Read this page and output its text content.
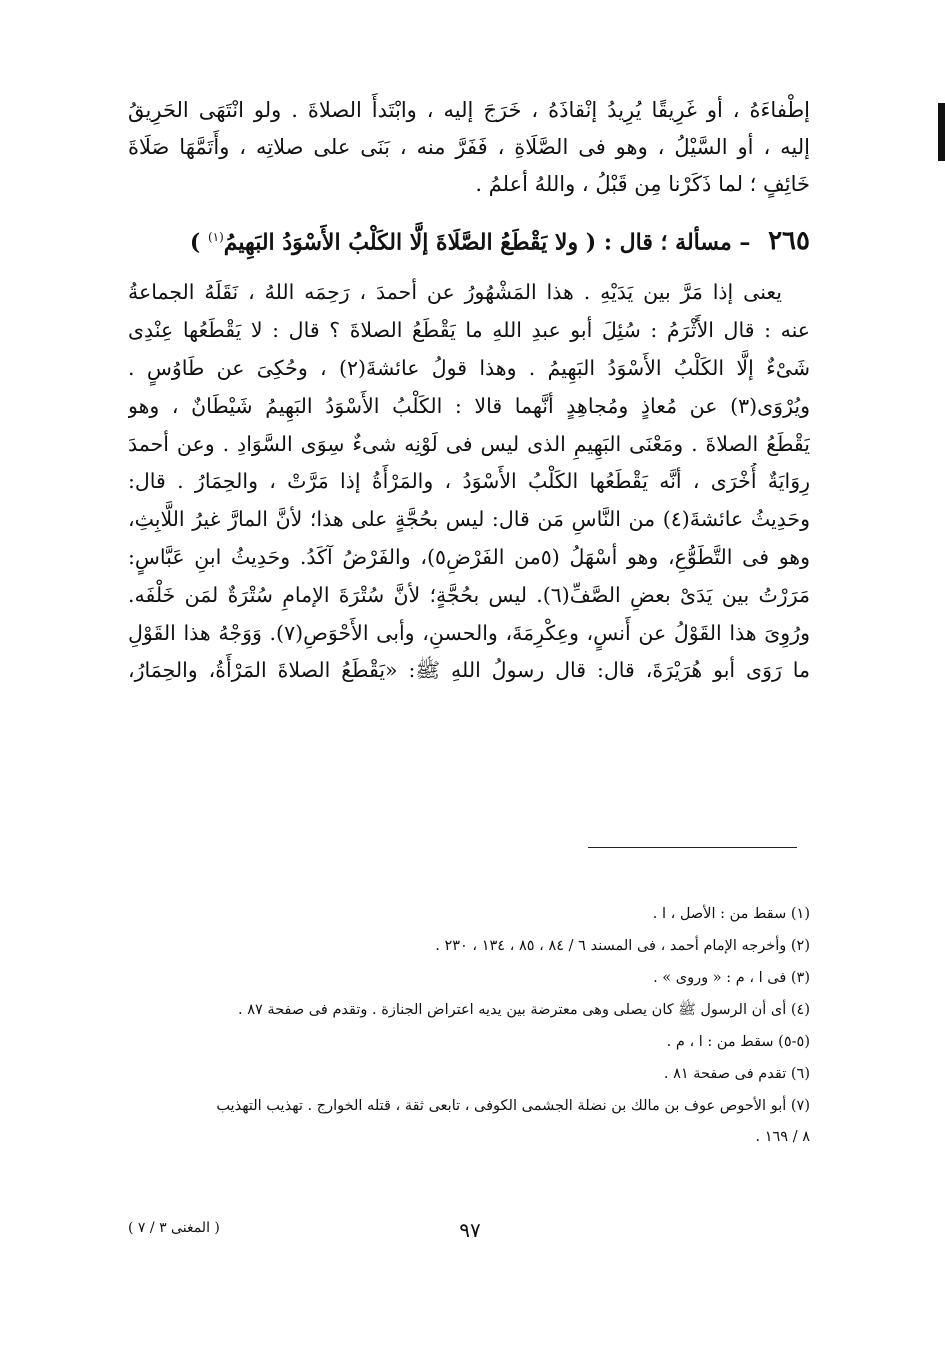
إطْفاءَهُ ، أو غَرِيقًا يُرِيدُ إنْقاذَهُ ، خَرَجَ إليه ، وابْتَدأَ الصلاةَ . ولو انْتَهَى الحَرِيقُ
إليه ، أو السَّيْلُ ، وهو فى الصَّلَاةِ ، فَفَرَّ منه ، بَنَى على صلاتِه ، وأَتَمَّهَا صَلَاةَ
خَائِفٍ ؛ لما ذَكَرْنا مِن قَبْلُ ، واللهُ أعلمُ .
٢٦٥ – مسألة ؛ قال : ( ولا يَقْطَعُ الصَّلَاةَ إلَّا الكَلْبُ الأَسْوَدُ البَهِيمُ$^{(١)}$ )
يعنى إذا مَرَّ بين يَدَيْهِ . هذا المَشْهُورُ عن أحمدَ ، رَحِمَه اللهُ ، نَقَلَهُ الجماعةُ
عنه : قال الأَثْرَمُ : سُئِلَ أبو عبدِ اللهِ ما يَقْطَعُ الصلاةَ ؟ قال : لا يَقْطَعُها عِنْدِى
شَىْءٌ إلَّا الكَلْبُ الأَسْوَدُ البَهِيمُ . وهذا قولُ عائشةَ(٢) ، وحُكِىَ عن طَاوُسٍ .
ويُرْوَى(٣) عن مُعاذٍ ومُجاهِدٍ أنَّهما قالا : الكَلْبُ الأَسْوَدُ البَهِيمُ شَيْطَانٌ ، وهو
يَقْطَعُ الصلاةَ . ومَعْنَى البَهِيمِ الذى ليس فى لَوْنِه شىءٌ سِوَى السَّوَادِ . وعن أحمدَ
رِوَايَةٌ أُخْرَى ، أنَّه يَقْطَعُها الكَلْبُ الأَسْوَدُ ، والمَرْأَةُ إذا مَرَّتْ ، والحِمَارُ . قال:
وحَدِيثُ عائشةَ(٤) من النَّاسِ مَن قال: ليس بحُجَّةٍ على هذا؛ لأنَّ المارَّ غيرُ اللَّابِثِ،
وهو فى التَّطَوُّعِ، وهو أسْهَلُ (٥من الفَرْضِ٥)، والفَرْضُ آكَدُ. وحَدِيثُ ابنِ عَبَّاسٍ:
مَرَرْتُ بين يَدَىْ بعضِ الصَّفِّ(٦). ليس بحُجَّةٍ؛ لأنَّ سُتْرَةَ الإمامِ سُتْرَةٌ لمَن خَلْفَه.
ورُوِىَ هذا القَوْلُ عن أَنسٍ، وعِكْرِمَةَ، والحسنِ، وأبى الأَحْوَصِ(٧). وَوَجْهُ هذا القَوْلِ
ما رَوَى أبو هُرَيْرَةَ، قال: قال رسولُ اللهِ ﷺ: «يَقْطَعُ الصلاةَ المَرْأَةُ، والحِمَارُ،
(١) سقط من : الأصل ، ا .
(٢) وأخرجه الإمام أحمد ، فى المسند ٦ / ٨٤ ، ٨٥ ، ١٣٤ ، ٢٣٠ .
(٣) فى ا ، م : « وروى » .
(٤) أى أن الرسول ﷺ كان يصلى وهى معترضة بين يديه اعتراض الجنازة . وتقدم فى صفحة ٨٧ .
(٥-٥) سقط من : ا ، م .
(٦) تقدم فى صفحة ٨١ .
(٧) أبو الأحوص عوف بن مالك بن نضلة الجشمى الكوفى ، تابعى ثقة ، قتله الخوارج . تهذيب التهذيب
٨ / ١٦٩ .
٩٧
( المغنى ٣ / ٧ )
